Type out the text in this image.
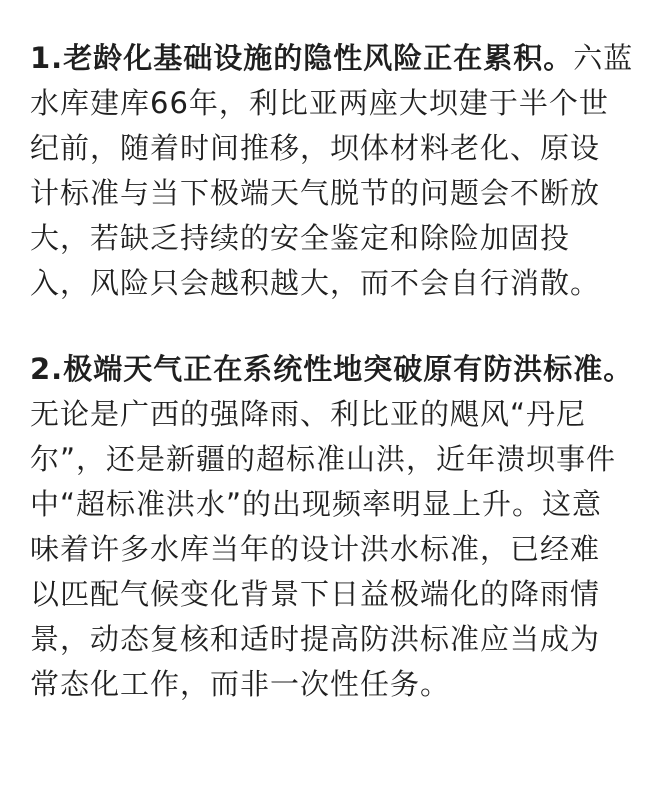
1.老龄化基础设施的隐性风险正在累积。六蓝
水库建库66年，利比亚两座大坝建于半个世
纪前，随着时间推移，坝体材料老化、原设
计标准与当下极端天气脱节的问题会不断放
大，若缺乏持续的安全鉴定和除险加固投
入，风险只会越积越大，而不会自行消散。

2.极端天气正在系统性地突破原有防洪标准。
无论是广西的强降雨、利比亚的飓风“丹尼
尔”，还是新疆的超标准山洪，近年溃坝事件
中“超标准洪水”的出现频率明显上升。这意
味着许多水库当年的设计洪水标准，已经难
以匹配气候变化背景下日益极端化的降雨情
景，动态复核和适时提高防洪标准应当成为
常态化工作，而非一次性任务。
